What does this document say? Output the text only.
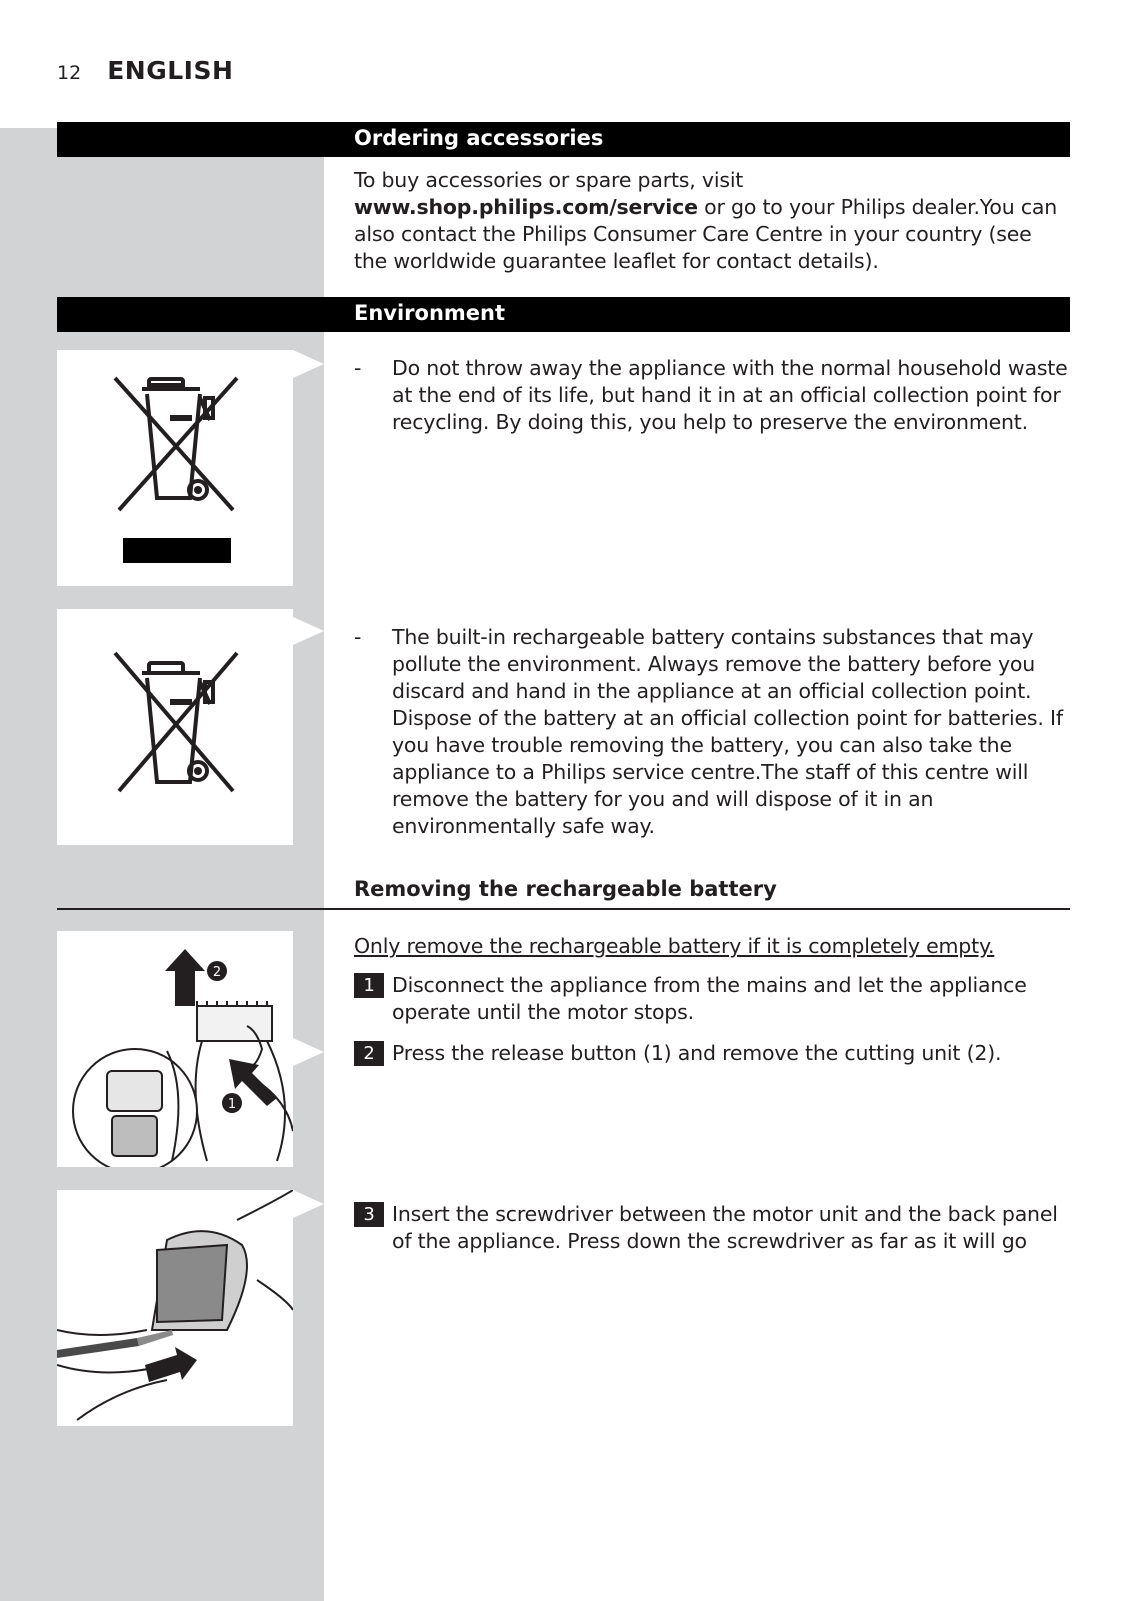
12 ENGLISH
Ordering accessories
To buy accessories or spare parts, visit www.shop.philips.com/service or go to your Philips dealer.You can also contact the Philips Consumer Care Centre in your country (see the worldwide guarantee leaflet for contact details).
Environment
-	Do not throw away the appliance with the normal household waste at the end of its life, but hand it in at an official collection point for recycling. By doing this, you help to preserve the environment.
-	The built-in rechargeable battery contains substances that may pollute the environment. Always remove the battery before you discard and hand in the appliance at an official collection point. Dispose of the battery at an official collection point for batteries. If you have trouble removing the battery, you can also take the appliance to a Philips service centre.The staff of this centre will remove the battery for you and will dispose of it in an environmentally safe way.
Removing the rechargeable battery
Only remove the rechargeable battery if it is completely empty.
2
1
1 Disconnect the appliance from the mains and let the appliance operate until the motor stops.
2 Press the release button (1) and remove the cutting unit (2).
3 Insert the screwdriver between the motor unit and the back panel of the appliance. Press down the screwdriver as far as it will go
